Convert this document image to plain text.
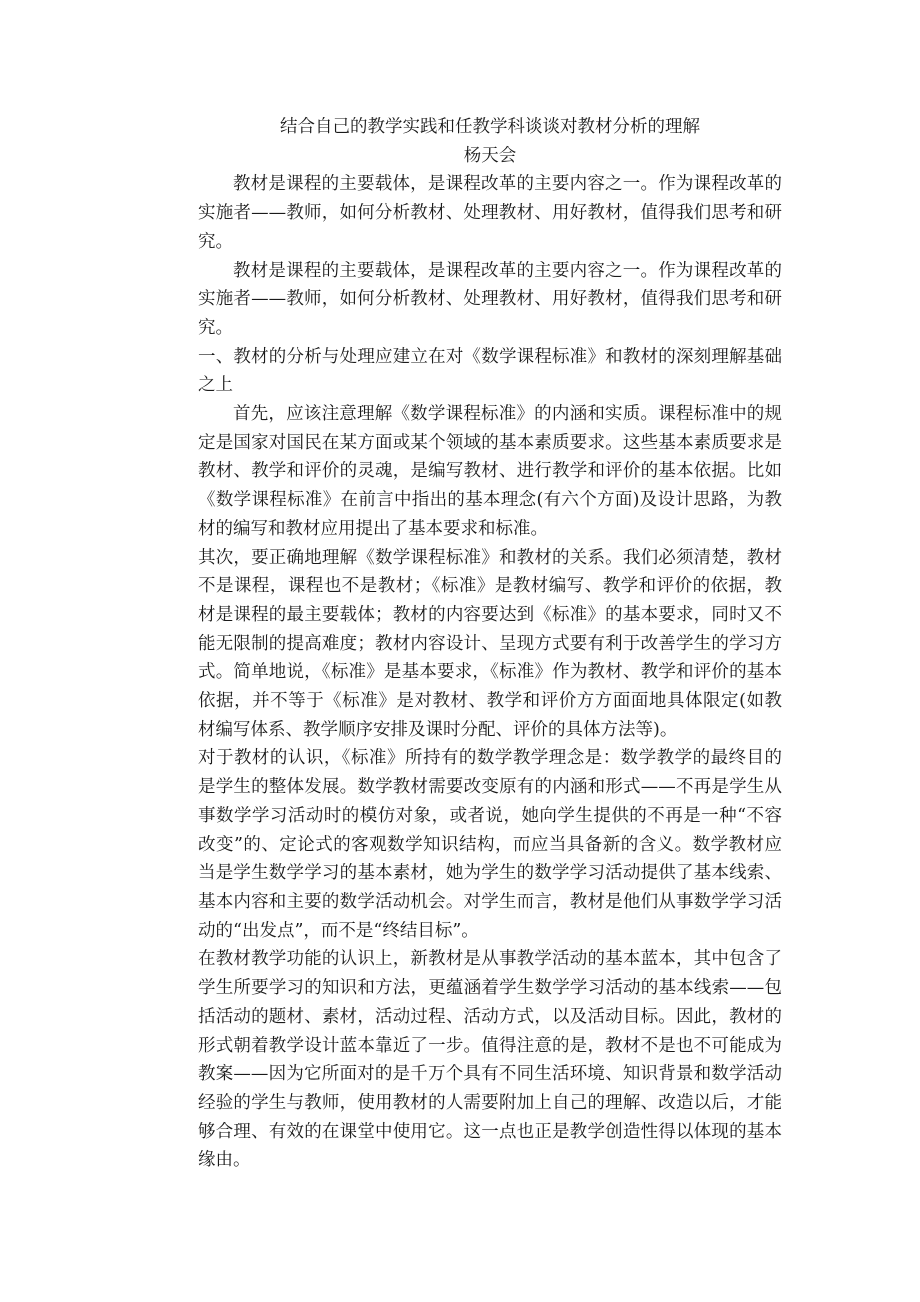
结合自己的教学实践和任教学科谈谈对教材分析的理解

杨天会

教材是课程的主要载体，是课程改革的主要内容之一。作为课程改革的实施者——教师，如何分析教材、处理教材、用好教材，值得我们思考和研究。

教材是课程的主要载体，是课程改革的主要内容之一。作为课程改革的实施者——教师，如何分析教材、处理教材、用好教材，值得我们思考和研究。

一、教材的分析与处理应建立在对《数学课程标准》和教材的深刻理解基础之上

首先，应该注意理解《数学课程标准》的内涵和实质。课程标准中的规定是国家对国民在某方面或某个领域的基本素质要求。这些基本素质要求是教材、教学和评价的灵魂，是编写教材、进行教学和评价的基本依据。比如《数学课程标准》在前言中指出的基本理念(有六个方面)及设计思路，为教材的编写和教材应用提出了基本要求和标准。

其次，要正确地理解《数学课程标准》和教材的关系。我们必须清楚，教材不是课程，课程也不是教材；《标准》是教材编写、教学和评价的依据，教材是课程的最主要载体；教材的内容要达到《标准》的基本要求，同时又不能无限制的提高难度；教材内容设计、呈现方式要有利于改善学生的学习方式。简单地说，《标准》是基本要求，《标准》作为教材、教学和评价的基本依据，并不等于《标准》是对教材、教学和评价方方面面地具体限定(如教材编写体系、教学顺序安排及课时分配、评价的具体方法等)。

对于教材的认识，《标准》所持有的数学教学理念是：数学教学的最终目的是学生的整体发展。数学教材需要改变原有的内涵和形式——不再是学生从事数学学习活动时的模仿对象，或者说，她向学生提供的不再是一种“不容改变”的、定论式的客观数学知识结构，而应当具备新的含义。数学教材应当是学生数学学习的基本素材，她为学生的数学学习活动提供了基本线索、基本内容和主要的数学活动机会。对学生而言，教材是他们从事数学学习活动的“出发点”，而不是“终结目标”。

在教材教学功能的认识上，新教材是从事教学活动的基本蓝本，其中包含了学生所要学习的知识和方法，更蕴涵着学生数学学习活动的基本线索——包括活动的题材、素材，活动过程、活动方式，以及活动目标。因此，教材的形式朝着教学设计蓝本靠近了一步。值得注意的是，教材不是也不可能成为教案——因为它所面对的是千万个具有不同生活环境、知识背景和数学活动经验的学生与教师，使用教材的人需要附加上自己的理解、改造以后，才能够合理、有效的在课堂中使用它。这一点也正是教学创造性得以体现的基本缘由。
